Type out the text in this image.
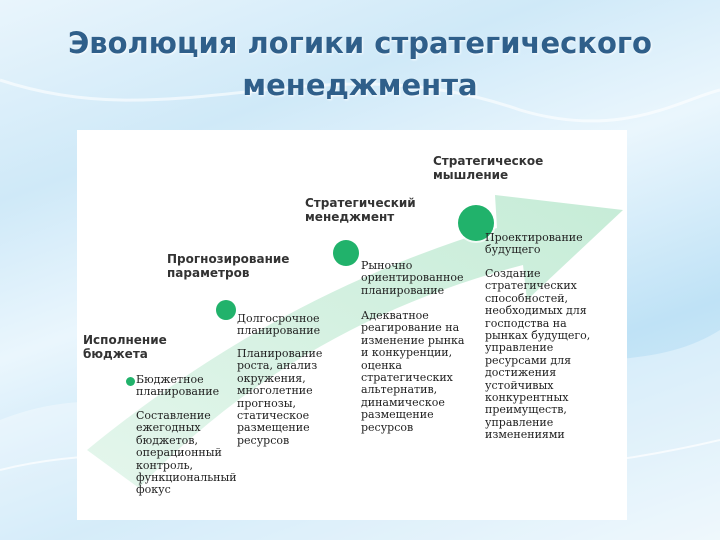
Эволюция логики стратегического
менеджмента
Исполнение
бюджета
Бюджетное
планирование
Составление
ежегодных
бюджетов,
операционный
контроль,
функциональный
фокус
Прогнозирование
параметров
Долгосрочное
планирование
Планирование
роста, анализ
окружения,
многолетние
прогнозы,
статическое
размещение
ресурсов
Стратегический
менеджмент
Рыночно
ориентированное
планирование
Адекватное
реагирование на
изменение рынка
и конкуренции,
оценка
стратегических
альтернатив,
динамическое
размещение
ресурсов
Стратегическое
мышление
Проектирование
будущего
Создание
стратегических
способностей,
необходимых для
господства на
рынках будущего,
управление
ресурсами для
достижения
устойчивых
конкурентных
преимуществ,
управление
изменениями
